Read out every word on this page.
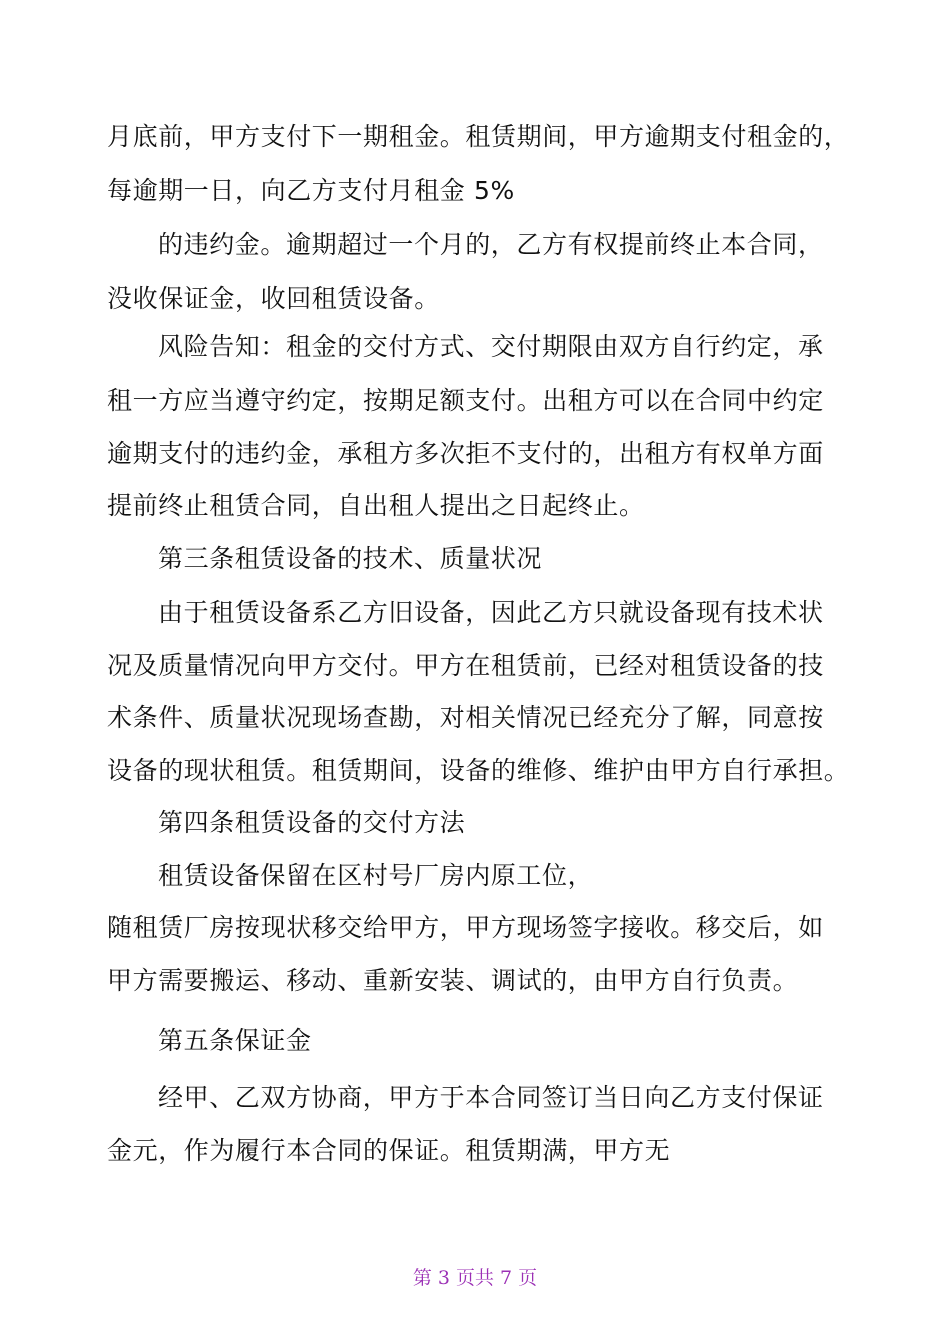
月底前，甲方支付下一期租金。租赁期间，甲方逾期支付租金的，
每逾期一日，向乙方支付月租金 5%
的违约金。逾期超过一个月的，乙方有权提前终止本合同，
没收保证金，收回租赁设备。
风险告知：租金的交付方式、交付期限由双方自行约定，承
租一方应当遵守约定，按期足额支付。出租方可以在合同中约定
逾期支付的违约金，承租方多次拒不支付的，出租方有权单方面
提前终止租赁合同，自出租人提出之日起终止。
第三条租赁设备的技术、质量状况
由于租赁设备系乙方旧设备，因此乙方只就设备现有技术状
况及质量情况向甲方交付。甲方在租赁前，已经对租赁设备的技
术条件、质量状况现场查勘，对相关情况已经充分了解，同意按
设备的现状租赁。租赁期间，设备的维修、维护由甲方自行承担。
第四条租赁设备的交付方法
租赁设备保留在区村号厂房内原工位，
随租赁厂房按现状移交给甲方，甲方现场签字接收。移交后，如
甲方需要搬运、移动、重新安装、调试的，由甲方自行负责。
第五条保证金
经甲、乙双方协商，甲方于本合同签订当日向乙方支付保证
金元，作为履行本合同的保证。租赁期满，甲方无
第 3 页共 7 页
